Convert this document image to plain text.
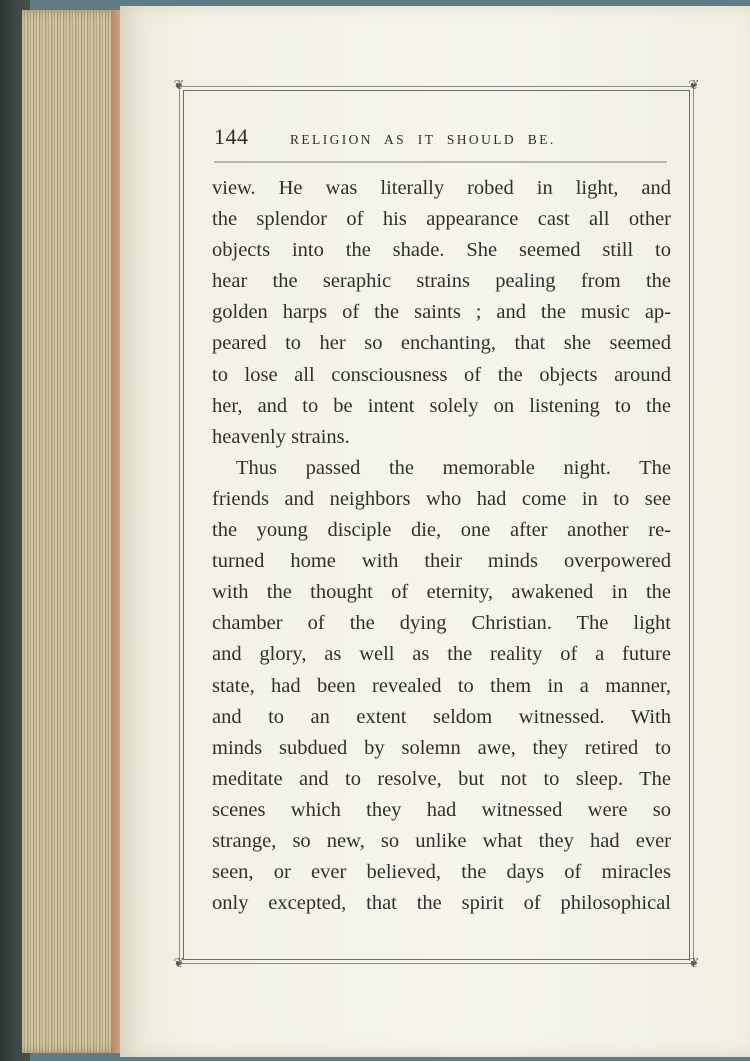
❦	❦
❦	❦
144	RELIGION AS IT SHOULD BE.
view. He was literally robed in light, and
the splendor of his appearance cast all other
objects into the shade. She seemed still to
hear the seraphic strains pealing from the
golden harps of the saints ; and the music ap-
peared to her so enchanting, that she seemed
to lose all consciousness of the objects around
her, and to be intent solely on listening to the
heavenly strains.
Thus passed the memorable night. The
friends and neighbors who had come in to see
the young disciple die, one after another re-
turned home with their minds overpowered
with the thought of eternity, awakened in the
chamber of the dying Christian. The light
and glory, as well as the reality of a future
state, had been revealed to them in a manner,
and to an extent seldom witnessed. With
minds subdued by solemn awe, they retired to
meditate and to resolve, but not to sleep. The
scenes which they had witnessed were so
strange, so new, so unlike what they had ever
seen, or ever believed, the days of miracles
only excepted, that the spirit of philosophical
